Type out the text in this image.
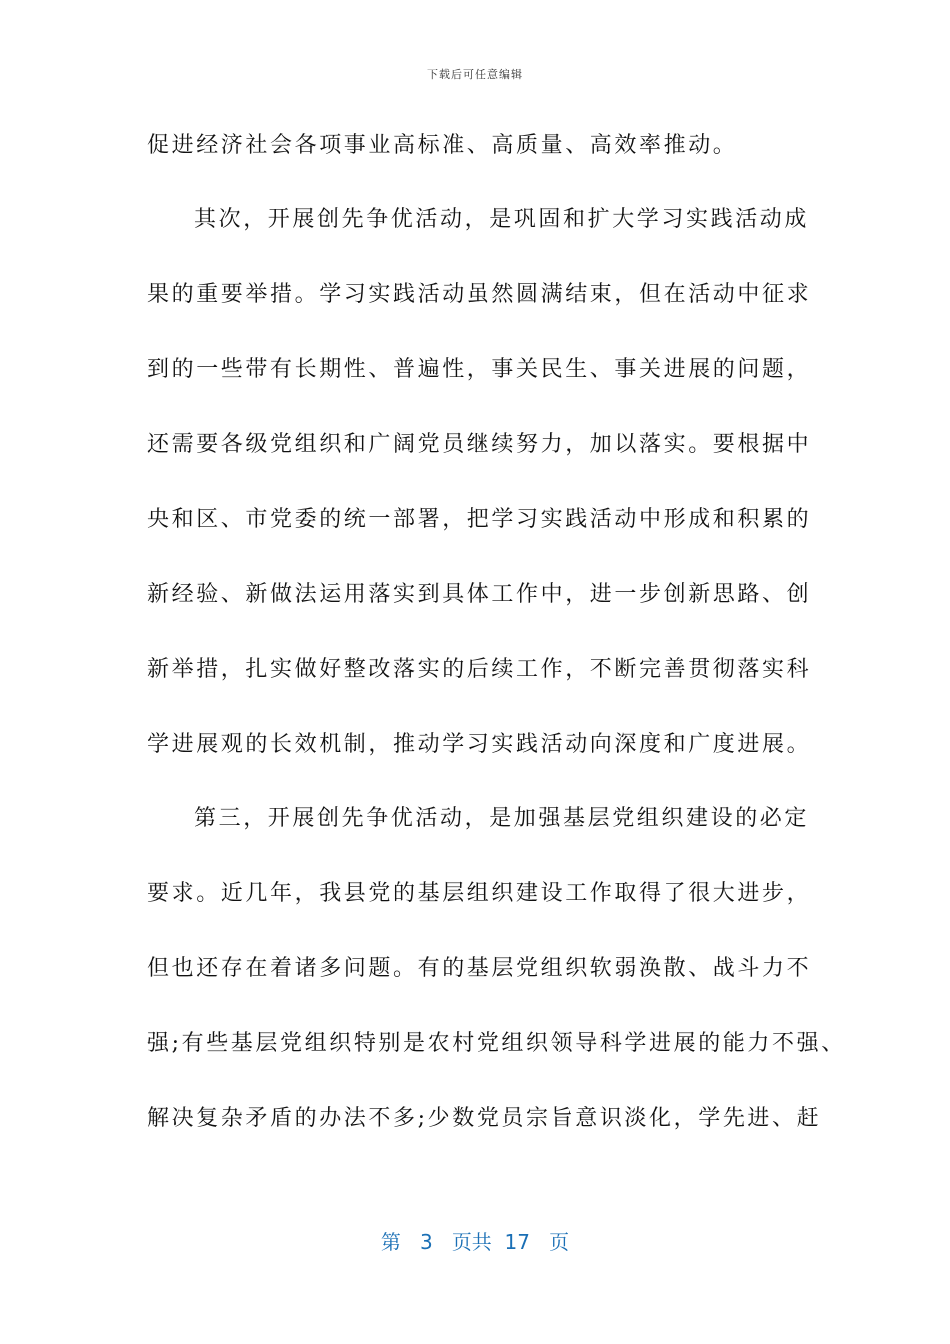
下载后可任意编辑
促进经济社会各项事业高标准、高质量、高效率推动。
其次，开展创先争优活动，是巩固和扩大学习实践活动成
果的重要举措。学习实践活动虽然圆满结束，但在活动中征求
到的一些带有长期性、普遍性，事关民生、事关进展的问题，
还需要各级党组织和广阔党员继续努力，加以落实。要根据中
央和区、市党委的统一部署，把学习实践活动中形成和积累的
新经验、新做法运用落实到具体工作中，进一步创新思路、创
新举措，扎实做好整改落实的后续工作，不断完善贯彻落实科
学进展观的长效机制，推动学习实践活动向深度和广度进展。
第三，开展创先争优活动，是加强基层党组织建设的必定
要求。近几年，我县党的基层组织建设工作取得了很大进步，
但也还存在着诸多问题。有的基层党组织软弱涣散、战斗力不
强;有些基层党组织特别是农村党组织领导科学进展的能力不强、
解决复杂矛盾的办法不多;少数党员宗旨意识淡化，学先进、赶
第 3 页共 17 页
